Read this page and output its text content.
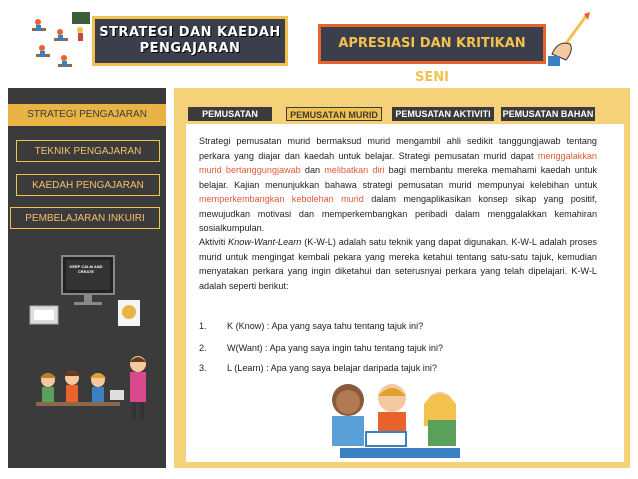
STRATEGI DAN KAEDAH
PENGAJARAN	APRESIASI DAN KRITIKAN SENI
STRATEGI PENGAJARAN
TEKNIK PENGAJARAN
KAEDAH PENGAJARAN
PEMBELAJARAN INKUIRI
KEEP CALM AND CREATE
PEMUSATAN	PEMUSATAN MURID	PEMUSATAN AKTIVITI	PEMUSATAN BAHAN
Strategi pemusatan murid bermaksud murid mengambil ahli sedikit tanggungjawab tentang perkara yang diajar dan kaedah untuk belajar. Strategi pemusatan murid dapat menggalakkan murid bertanggungjawab dan melibatkan diri bagi membantu mereka memahami kaedah untuk belajar. Kajian menunjukkan bahawa strategi pemusatan murid mempunyai kelebihan untuk memperkembangkan kebolehan murid dalam mengaplikasikan konsep sikap yang positif, mewujudkan motivasi dan memperkembangkan peribadi dalam menggalakkan kemahiran sosialkumpulan.
Aktiviti Know-Want-Learn (K-W-L) adalah satu teknik yang dapat digunakan. K-W-L adalah proses murid untuk mengingat kembali pekara yang mereka ketahui tentang satu-satu tajuk, kemudian menyatakan perkara yang ingin diketahui dan seterusnyai perkara yang telah dipelajari. K-W-L adalah seperti berikut:
1. K (Know) : Apa yang saya tahu tentang tajuk ini?
2. W(Want) : Apa yang saya ingin tahu tentang tajuk ini?
3. L (Learn) : Apa yang saya belajar daripada tajuk ini?
